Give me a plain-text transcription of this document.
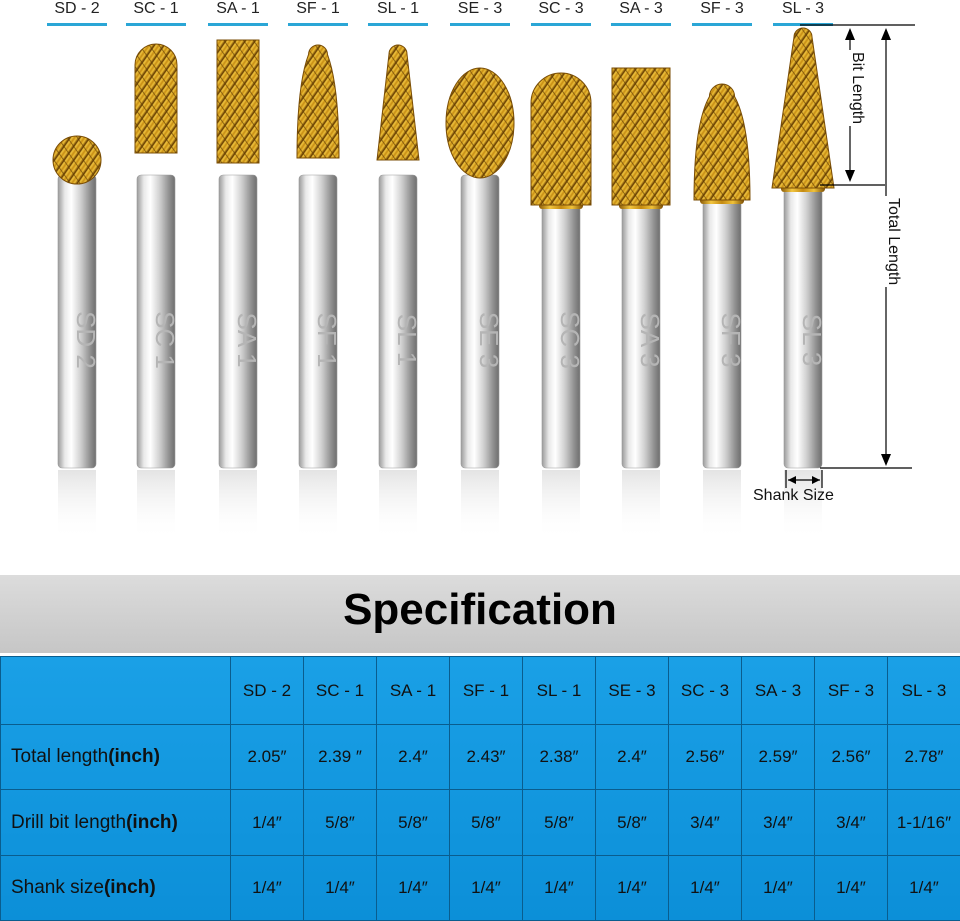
SD - 2	SC - 1	SA - 1	SF - 1	SL - 1	SE - 3	SC - 3	SA - 3	SF - 3	SL - 3
SD 2 SC 1 SA 1 SF 1 SL 1 SE 3 SC 3 SA 3 SF 3 SL 3
Bit Length
Total Length
Shank Size
Specification
	SD - 2	SC - 1	SA - 1	SF - 1	SL - 1	SE - 3	SC - 3	SA - 3	SF - 3	SL - 3
Total length(inch)	2.05″	2.39 ″	2.4″	2.43″	2.38″	2.4″	2.56″	2.59″	2.56″	2.78″
Drill bit length(inch)	1/4″	5/8″	5/8″	5/8″	5/8″	5/8″	3/4″	3/4″	3/4″	1-1/16″
Shank size(inch)	1/4″	1/4″	1/4″	1/4″	1/4″	1/4″	1/4″	1/4″	1/4″	1/4″
